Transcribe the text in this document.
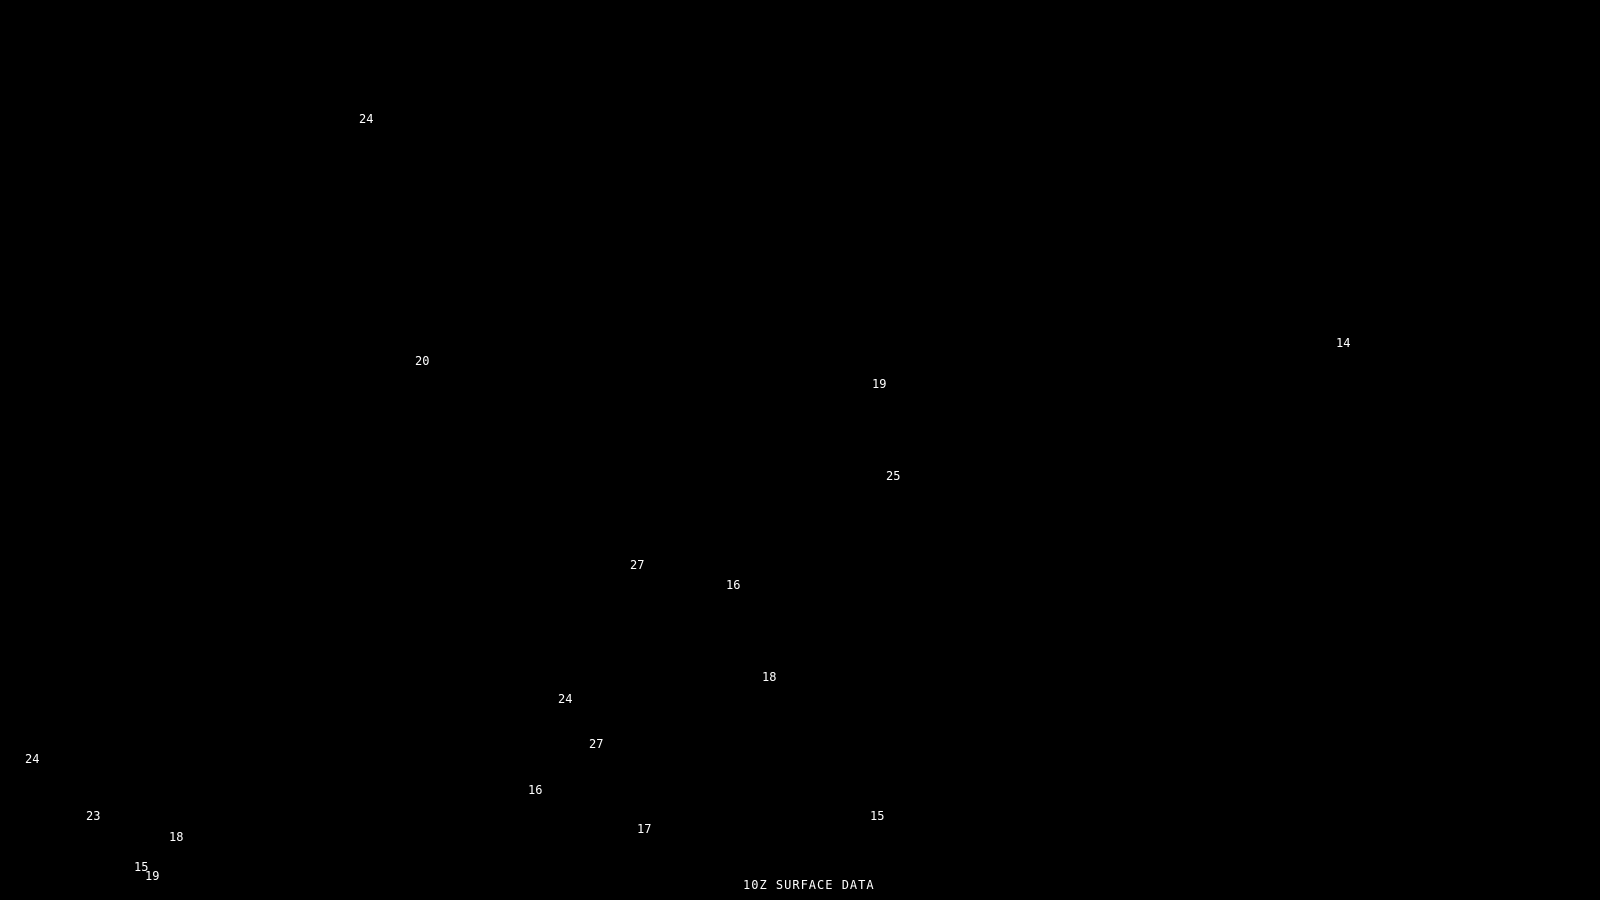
24
20
14
19
25
27
16
18
24
27
24
16
23	15
17
18
15
19
10Z SURFACE DATA
